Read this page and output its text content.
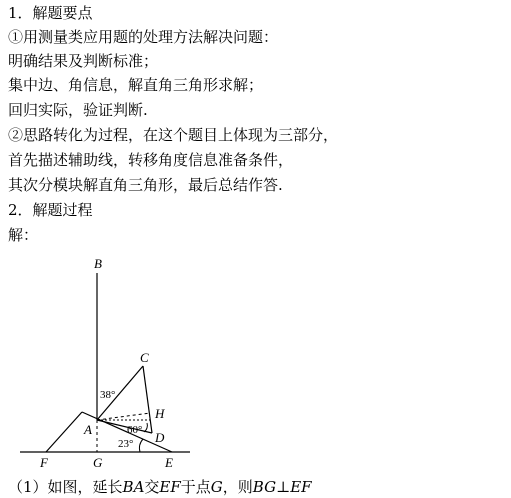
1．解题要点
①用测量类应用题的处理方法解决问题：
明确结果及判断标准；
集中边、角信息，解直角三角形求解；
回归实际，验证判断.
②思路转化为过程，在这个题目上体现为三部分，
首先描述辅助线，转移角度信息准备条件，
其次分模块解直角三角形，最后总结作答.
2．解题过程
解：
B
C
H
A
D
F	G	E
38°
60°
23°
（1）如图，延长BA交EF于点G，则BG⊥EF
